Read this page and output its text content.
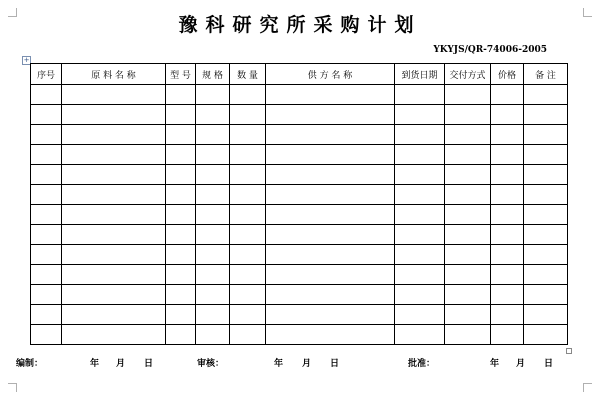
豫科研究所采购计划
YKYJS/QR-74006-2005
+
序号	原 料 名 称	型 号	规 格	数 量	供 方 名 称	到货日期	交付方式	价格	备 注

编制：	年 月 日	审核：	年 月 日	批准：	年 月 日
